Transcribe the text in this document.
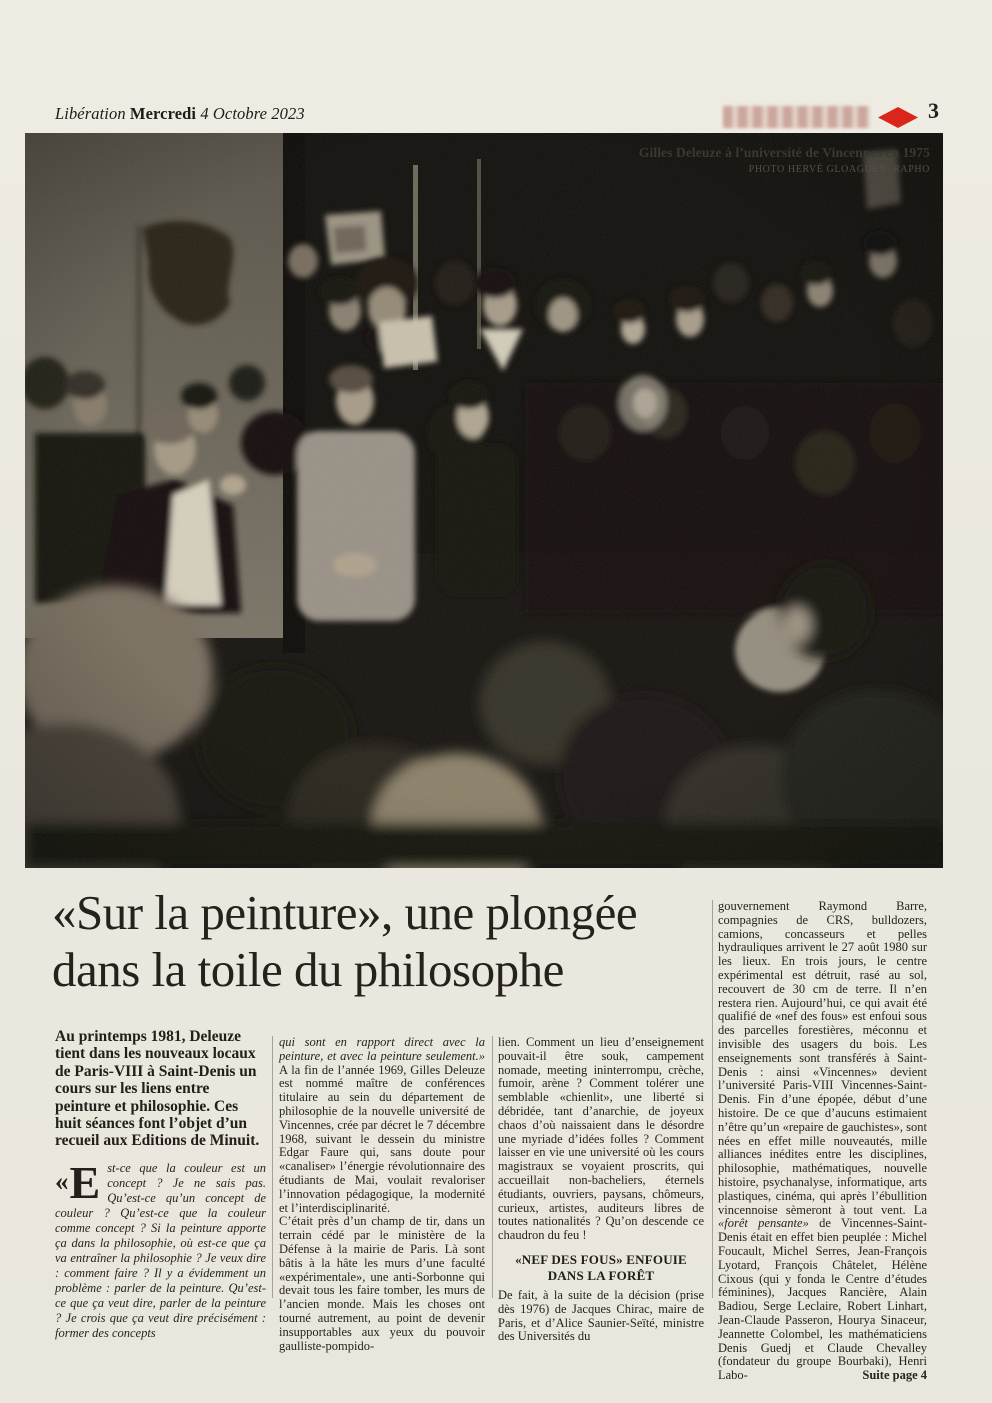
Libération Mercredi 4 Octobre 2023	3
Gilles Deleuze à l’université de Vincennes en 1975
PHOTO HERVÉ GLOAGUEN. RAPHO
«Sur la peinture», une plongée
dans la toile du philosophe

Au printemps 1981, Deleuze tient dans les nouveaux locaux de Paris-VIII à Saint-Denis un cours sur les liens entre peinture et philosophie. Ces huit séances font l’objet d’un recueil aux Editions de Minuit.

«E st-ce que la couleur est un concept ? Je ne sais pas. Qu’est-ce qu’un concept de couleur ? Qu’est-ce que la couleur comme concept ? Si la peinture apporte ça dans la philosophie, où est-ce que ça va entraîner la philosophie ? Je veux dire : comment faire ? Il y a évidemment un problème : parler de la peinture. Qu’est-ce que ça veut dire, parler de la peinture ? Je crois que ça veut dire précisément : former des concepts

qui sont en rapport direct avec la peinture, et avec la peinture seulement.» A la fin de l’année 1969, Gilles Deleuze est nommé maître de conférences titulaire au sein du département de philosophie de la nouvelle université de Vincennes, crée par décret le 7 décembre 1968, suivant le dessein du ministre Edgar Faure qui, sans doute pour «canaliser» l’énergie révolutionnaire des étudiants de Mai, voulait revaloriser l’innovation pédagogique, la modernité et l’interdisciplinarité.

C’était près d’un champ de tir, dans un terrain cédé par le ministère de la Défense à la mairie de Paris. Là sont bâtis à la hâte les murs d’une faculté «expérimentale», une anti-Sorbonne qui devait tous les faire tomber, les murs de l’ancien monde. Mais les choses ont tourné autrement, au point de devenir insupportables aux yeux du pouvoir gaulliste-pompido-

lien. Comment un lieu d’enseignement pouvait-il être souk, campement nomade, meeting ininterrompu, crèche, fumoir, arène ? Comment tolérer une semblable «chienlit», une liberté si débridée, tant d’anarchie, de joyeux chaos d’où naissaient dans le désordre une myriade d’idées folles ? Comment laisser en vie une université où les cours magistraux se voyaient proscrits, qui accueillait non-bacheliers, éternels étudiants, ouvriers, paysans, chômeurs, curieux, artistes, auditeurs libres de toutes nationalités ? Qu’on descende ce chaudron du feu !

«NEF DES FOUS» ENFOUIE
DANS LA FORÊT

De fait, à la suite de la décision (prise dès 1976) de Jacques Chirac, maire de Paris, et d’Alice Saunier-Seïté, ministre des Universités du

gouvernement Raymond Barre, compagnies de CRS, bulldozers, camions, concasseurs et pelles hydrauliques arrivent le 27 août 1980 sur les lieux. En trois jours, le centre expérimental est détruit, rasé au sol, recouvert de 30 cm de terre. Il n’en restera rien. Aujourd’hui, ce qui avait été qualifié de «nef des fous» est enfoui sous des parcelles forestières, méconnu et invisible des usagers du bois. Les enseignements sont transférés à Saint-Denis : ainsi «Vincennes» devient l’université Paris-VIII Vincennes-Saint-Denis. Fin d’une épopée, début d’une histoire. De ce que d’aucuns estimaient n’être qu’un «repaire de gauchistes», sont nées en effet mille nouveautés, mille alliances inédites entre les disciplines, philosophie, mathématiques, nouvelle histoire, psychanalyse, informatique, arts plastiques, cinéma, qui après l’ébullition vincennoise sèmeront à tout vent. La «forêt pensante» de Vincennes-Saint-Denis était en effet bien peuplée : Michel Foucault, Michel Serres, Jean-François Lyotard, François Châtelet, Hélène Cixous (qui y fonda le Centre d’études féminines), Jacques Rancière, Alain Badiou, Serge Leclaire, Robert Linhart, Jean-Claude Passeron, Hourya Sinaceur, Jeannette Colombel, les mathématiciens Denis Guedj et Claude Chevalley (fondateur du groupe Bourbaki), Henri Labo-	Suite page 4
